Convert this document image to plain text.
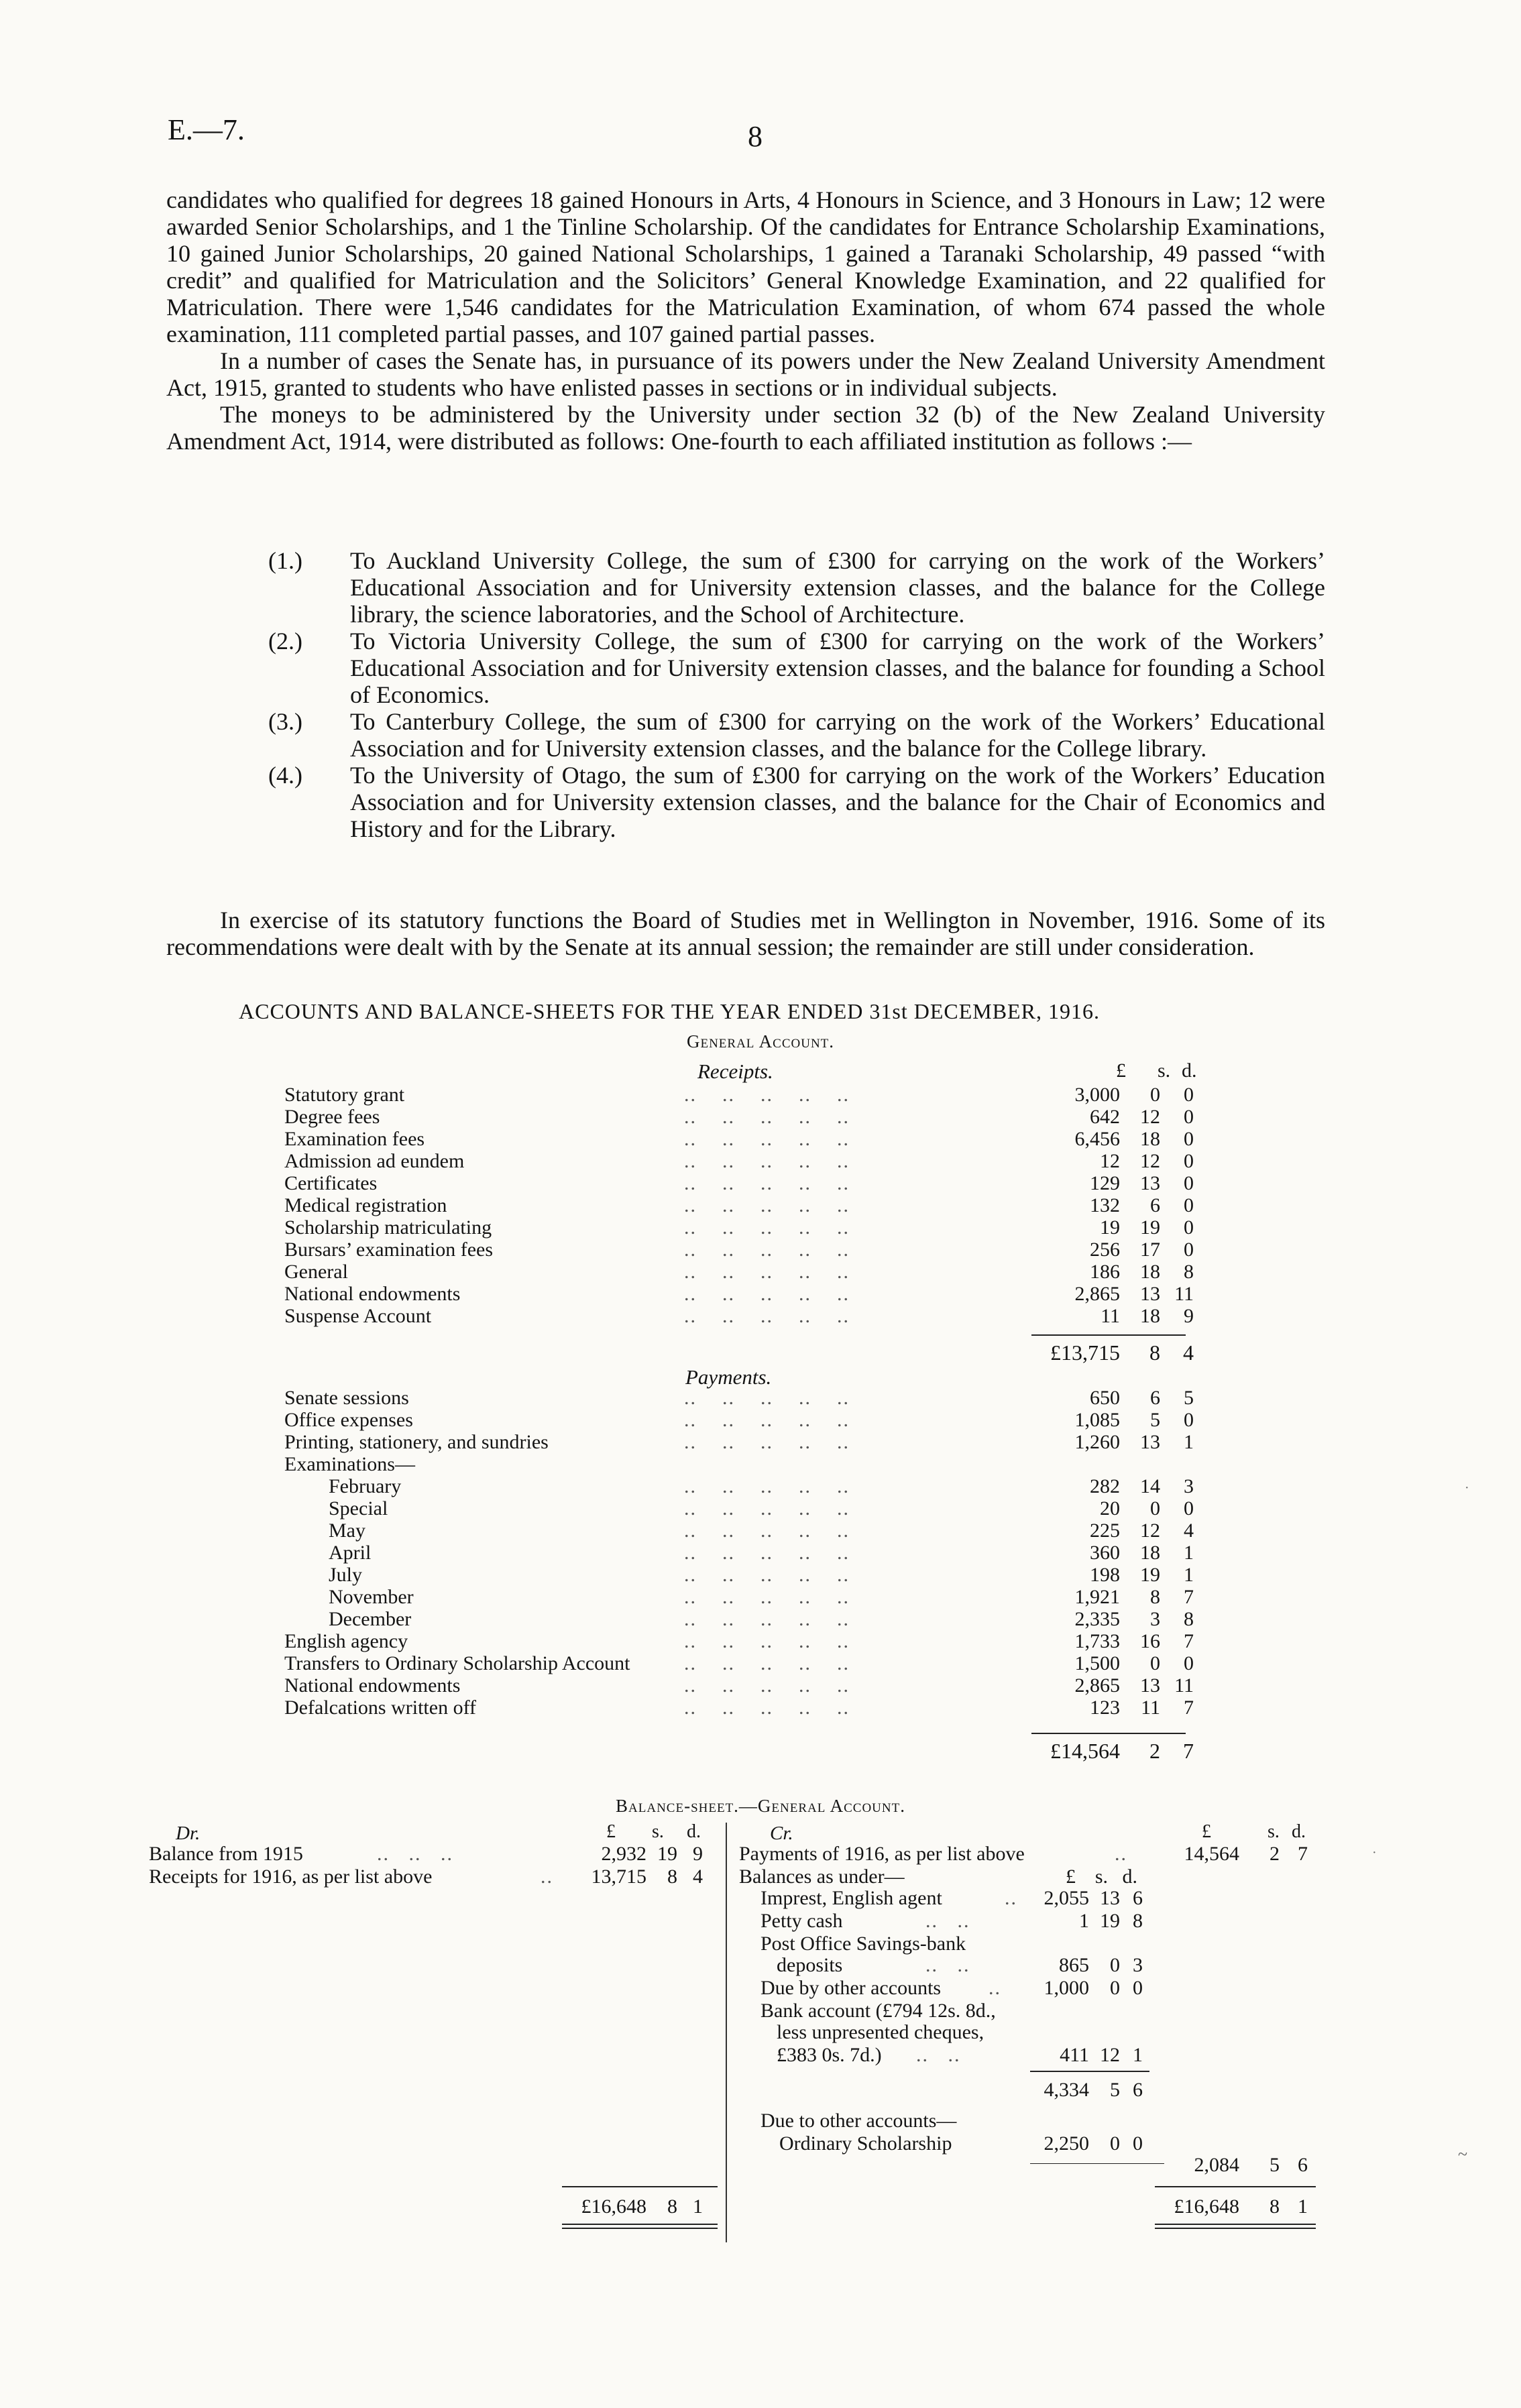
E.—7.	8

candidates who qualified for degrees 18 gained Honours in Arts, 4 Honours in Science, and 3 Honours in Law; 12 were awarded Senior Scholarships, and 1 the Tinline Scholarship. Of the candidates for Entrance Scholarship Examinations, 10 gained Junior Scholarships, 20 gained National Scholarships, 1 gained a Taranaki Scholarship, 49 passed “with credit” and qualified for Matriculation and the Solicitors’ General Knowledge Examination, and 22 qualified for Matriculation. There were 1,546 candidates for the Matriculation Examination, of whom 674 passed the whole examination, 111 completed partial passes, and 107 gained partial passes.

In a number of cases the Senate has, in pursuance of its powers under the New Zealand University Amendment Act, 1915, granted to students who have enlisted passes in sections or in individual subjects.

The moneys to be administered by the University under section 32 (b) of the New Zealand University Amendment Act, 1914, were distributed as follows: One-fourth to each affiliated institution as follows :—

(1.)	To Auckland University College, the sum of £300 for carrying on the work of the Workers’ Educational Association and for University extension classes, and the balance for the College library, the science laboratories, and the School of Architecture.
(2.)	To Victoria University College, the sum of £300 for carrying on the work of the Workers’ Educational Association and for University extension classes, and the balance for founding a School of Economics.
(3.)	To Canterbury College, the sum of £300 for carrying on the work of the Workers’ Educational Association and for University extension classes, and the balance for the College library.
(4.)	To the University of Otago, the sum of £300 for carrying on the work of the Workers’ Education Association and for University extension classes, and the balance for the Chair of Economics and History and for the Library.

In exercise of its statutory functions the Board of Studies met in Wellington in November, 1916. Some of its recommendations were dealt with by the Senate at its annual session; the remainder are still under consideration.

ACCOUNTS AND BALANCE-SHEETS FOR THE YEAR ENDED 31st DECEMBER, 1916.
General Account.
£ s. d.
Receipts.
Statutory grant	..    ..    ..    ..    ..	3,000	0	0
Degree fees	..    ..    ..    ..    ..	642	12	0
Examination fees	..    ..    ..    ..    ..	6,456	18	0
Admission ad eundem	..    ..    ..    ..    ..	12	12	0
Certificates	..    ..    ..    ..    ..	129	13	0
Medical registration	..    ..    ..    ..    ..	132	6	0
Scholarship matriculating	..    ..    ..    ..    ..	19	19	0
Bursars’ examination fees	..    ..    ..    ..    ..	256	17	0
General	..    ..    ..    ..    ..	186	18	8
National endowments	..    ..    ..    ..    ..	2,865	13 11
Suspense Account	..    ..    ..    ..    ..	11	18	9
£13,715	8	4
Payments.
Senate sessions	..    ..    ..    ..    ..	650	6	5
Office expenses	..    ..    ..    ..    ..	1,085	5	0
Printing, stationery, and sundries	..    ..    ..    ..    ..	1,260	13	1
Examinations—
February	..    ..    ..    ..    ..	282	14	3
Special	..    ..    ..    ..    ..	20	0	0
May	..    ..    ..    ..    ..	225	12	4
April	..    ..    ..    ..    ..	360	18	1
July	..    ..    ..    ..    ..	198	19	1
November	..    ..    ..    ..    ..	1,921	8	7
December	..    ..    ..    ..    ..	2,335	3	8
English agency	..    ..    ..    ..    ..	1,733	16	7
Transfers to Ordinary Scholarship Account	..    ..    ..    ..    ..	1,500	0	0
National endowments	..    ..    ..    ..    ..	2,865	13 11
Defalcations written off	..    ..    ..    ..    ..	123	11	7
£14,564	2	7
Balance-sheet.—General Account.
Dr.	Cr.
£ s. d.	£	s. d.
Balance from 1915	..   ..   ..	2,932 19 9
Receipts for 1916, as per list above	..	13,715	8 4
Payments of 1916, as per list above	..	14,564	2 7
Balances as under—	£ s. d.
Imprest, English agent	..	2,055 13 6
Petty cash	..   ..	1 19 8
Post Office Savings-bank
deposits	..   ..	865	0 3
Due by other accounts ..	1,000	0 0
Bank account (£794 12s. 8d.,
less unpresented cheques,
£383 0s. 7d.) ..   ..	411 12 1
4,334	5 6
Due to other accounts—
Ordinary Scholarship	2,250	0 0
2,084	5 6
£16,648	8 1	£16,648	8 1
·
·
~
